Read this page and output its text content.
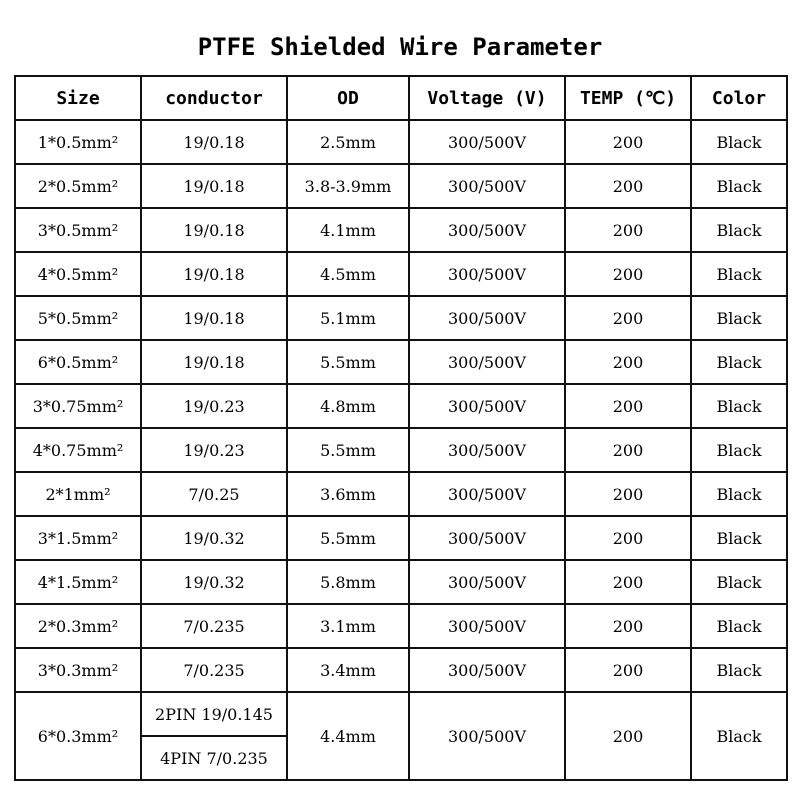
PTFE Shielded Wire Parameter
Size	conductor	OD	Voltage (V)	TEMP (℃)	Color
1*0.5mm²	19/0.18	2.5mm	300/500V	200	Black
2*0.5mm²	19/0.18	3.8-3.9mm	300/500V	200	Black
3*0.5mm²	19/0.18	4.1mm	300/500V	200	Black
4*0.5mm²	19/0.18	4.5mm	300/500V	200	Black
5*0.5mm²	19/0.18	5.1mm	300/500V	200	Black
6*0.5mm²	19/0.18	5.5mm	300/500V	200	Black
3*0.75mm²	19/0.23	4.8mm	300/500V	200	Black
4*0.75mm²	19/0.23	5.5mm	300/500V	200	Black
2*1mm²	7/0.25	3.6mm	300/500V	200	Black
3*1.5mm²	19/0.32	5.5mm	300/500V	200	Black
4*1.5mm²	19/0.32	5.8mm	300/500V	200	Black
2*0.3mm²	7/0.235	3.1mm	300/500V	200	Black
3*0.3mm²	7/0.235	3.4mm	300/500V	200	Black
6*0.3mm²	2PIN 19/0.145	4.4mm	300/500V	200	Black
	4PIN 7/0.235				
